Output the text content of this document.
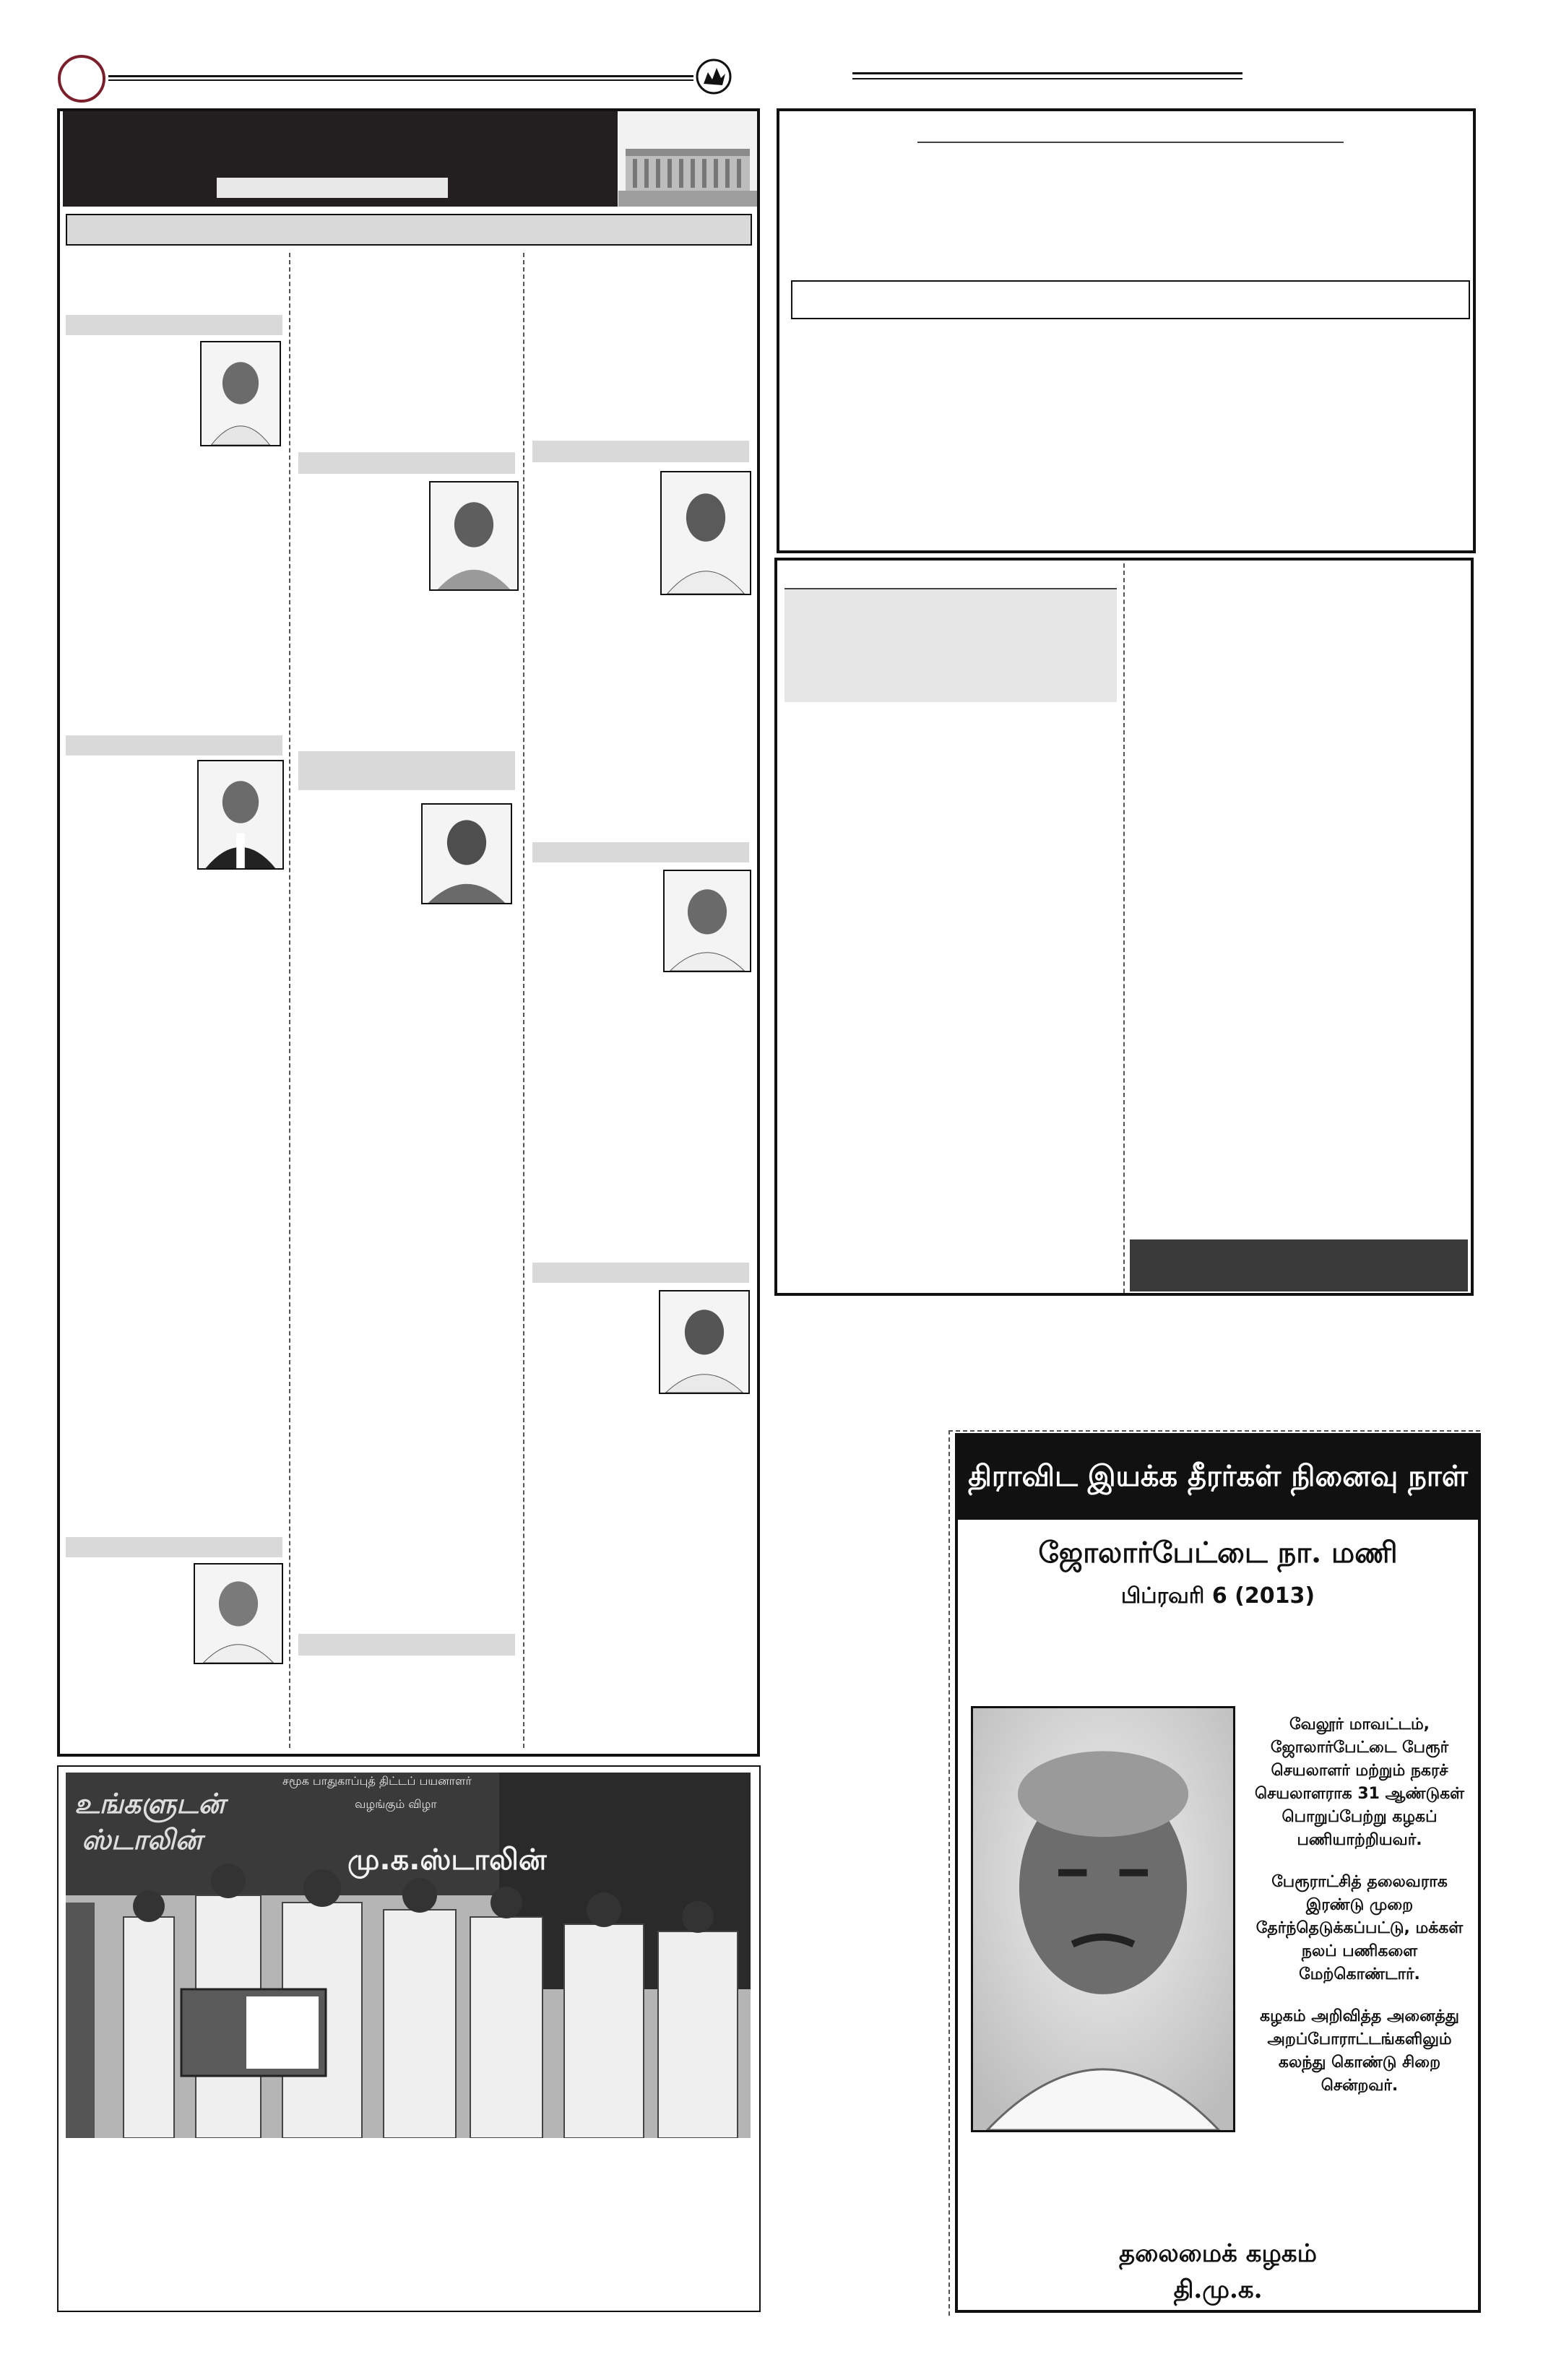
உங்களுடன்
ஸ்டாலின்
சமூக பாதுகாப்புத் திட்டப் பயனாளர்
வழங்கும் விழா
மு.க.ஸ்டாலின்
திராவிட இயக்க தீரர்கள் நினைவு நாள்
ஜோலார்பேட்டை நா. மணி
பிப்ரவரி 6 (2013)

வேலூர் மாவட்டம், ஜோலார்பேட்டை பேரூர் செயலாளர் மற்றும் நகரச் செயலாளராக 31 ஆண்டுகள் பொறுப்பேற்று கழகப் பணியாற்றியவர்.

பேரூராட்சித் தலைவராக இரண்டு முறை தேர்ந்தெடுக்கப்பட்டு, மக்கள் நலப் பணிகளை மேற்கொண்டார்.

கழகம் அறிவித்த அனைத்து அறப்போராட்டங்களிலும் கலந்து கொண்டு சிறை சென்றவர்.

தலைமைக் கழகம்
தி.மு.க.
